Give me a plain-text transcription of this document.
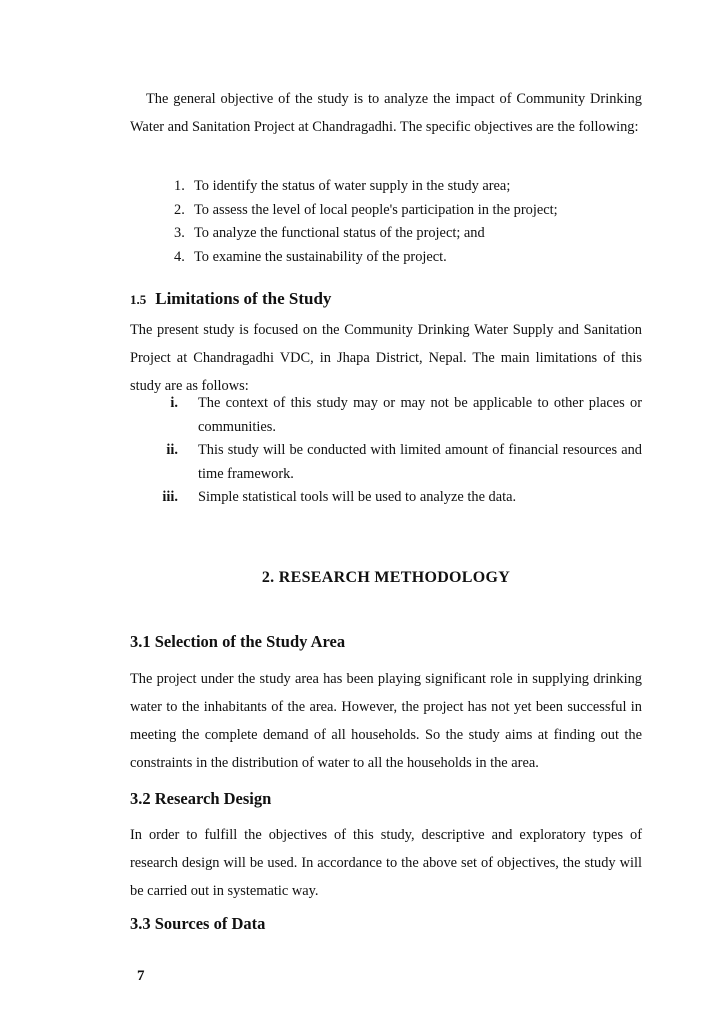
The general objective of the study is to analyze the impact of Community Drinking Water and Sanitation Project at Chandragadhi. The specific objectives are the following:

1. To identify the status of water supply in the study area;
2. To assess the level of local people's participation in the project;
3. To analyze the functional status of the project; and
4. To examine the sustainability of the project.
1.5 Limitations of the Study

The present study is focused on the Community Drinking Water Supply and Sanitation Project at Chandragadhi VDC, in Jhapa District, Nepal. The main limitations of this study are as follows:

i. The context of this study may or may not be applicable to other places or communities.
ii. This study will be conducted with limited amount of financial resources and time framework.
iii. Simple statistical tools will be used to analyze the data.
2. RESEARCH METHODOLOGY
3.1 Selection of the Study Area

The project under the study area has been playing significant role in supplying drinking water to the inhabitants of the area. However, the project has not yet been successful in meeting the complete demand of all households. So the study aims at finding out the constraints in the distribution of water to all the households in the area.

3.2 Research Design

In order to fulfill the objectives of this study, descriptive and exploratory types of research design will be used. In accordance to the above set of objectives, the study will be carried out in systematic way.

3.3 Sources of Data
7
